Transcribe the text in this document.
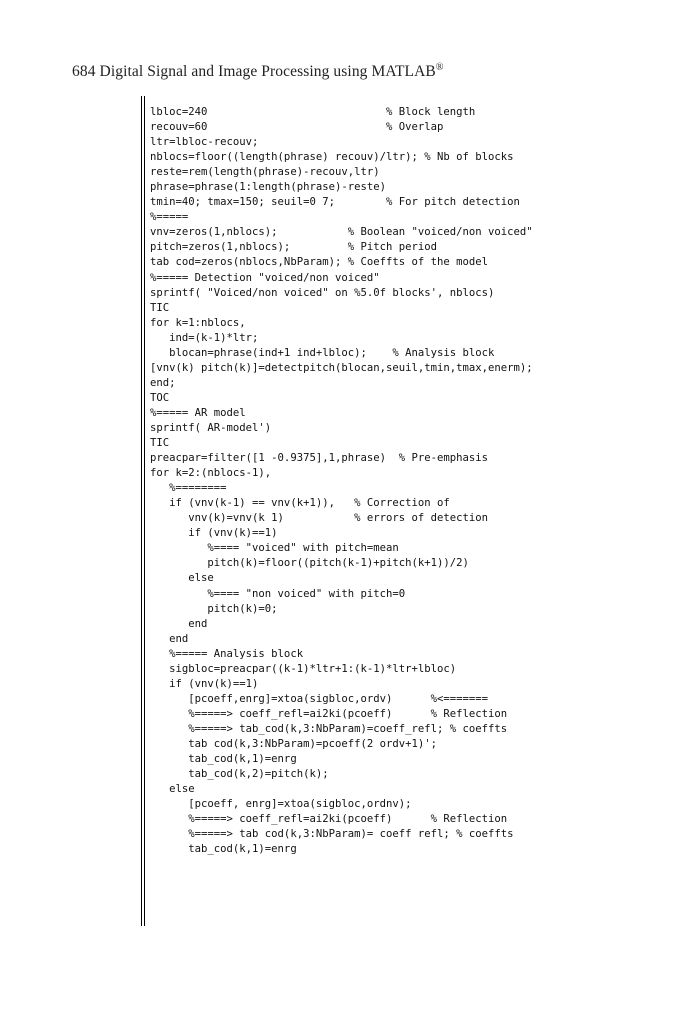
684 Digital Signal and Image Processing using MATLAB®
lbloc=240                            % Block length
recouv=60                            % Overlap
ltr=lbloc-recouv;
nblocs=floor((length(phrase) recouv)/ltr); % Nb of blocks
reste=rem(length(phrase)-recouv,ltr)
phrase=phrase(1:length(phrase)-reste)
tmin=40; tmax=150; seuil=0 7;        % For pitch detection
%=====
vnv=zeros(1,nblocs);           % Boolean "voiced/non voiced"
pitch=zeros(1,nblocs);         % Pitch period
tab cod=zeros(nblocs,NbParam); % Coeffts of the model
%===== Detection "voiced/non voiced"
sprintf( "Voiced/non voiced" on %5.0f blocks', nblocs)
TIC
for k=1:nblocs,
ind=(k-1)*ltr;
blocan=phrase(ind+1 ind+lbloc);    % Analysis block
[vnv(k) pitch(k)]=detectpitch(blocan,seuil,tmin,tmax,enerm);
end;
TOC
%===== AR model
sprintf( AR-model')
TIC
preacpar=filter([1 -0.9375],1,phrase)  % Pre-emphasis
for k=2:(nblocs-1),
%========
if (vnv(k-1) == vnv(k+1)),   % Correction of
vnv(k)=vnv(k 1)           % errors of detection
if (vnv(k)==1)
%==== "voiced" with pitch=mean
pitch(k)=floor((pitch(k-1)+pitch(k+1))/2)
else
%==== "non voiced" with pitch=0
pitch(k)=0;
end
end
%===== Analysis block
sigbloc=preacpar((k-1)*ltr+1:(k-1)*ltr+lbloc)
if (vnv(k)==1)
[pcoeff,enrg]=xtoa(sigbloc,ordv)      %<=======
%=====> coeff_refl=ai2ki(pcoeff)      % Reflection
%=====> tab_cod(k,3:NbParam)=coeff_refl; % coeffts
tab cod(k,3:NbParam)=pcoeff(2 ordv+1)';
tab_cod(k,1)=enrg
tab_cod(k,2)=pitch(k);
else
[pcoeff, enrg]=xtoa(sigbloc,ordnv);
%=====> coeff_refl=ai2ki(pcoeff)      % Reflection
%=====> tab cod(k,3:NbParam)= coeff refl; % coeffts
tab_cod(k,1)=enrg
